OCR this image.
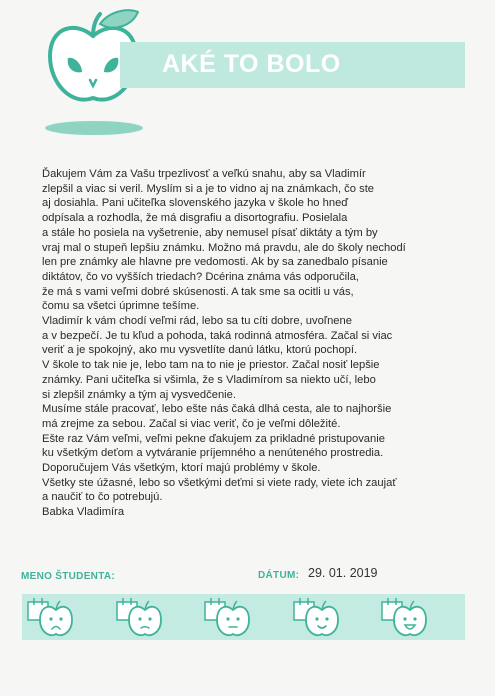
AKÉ TO BOLO
Ďakujem Vám za Vašu trpezlivosť a veľkú snahu, aby sa Vladimír
zlepšil a viac si veril. Myslím si a je to vidno aj na známkach, čo ste
aj dosiahla. Pani učiteľka slovenského jazyka v škole ho hneď
odpísala a rozhodla, že má disgrafiu a disortografiu. Posielala
a stále ho posiela na vyšetrenie, aby nemusel písať diktáty a tým by
vraj mal o stupeň lepšiu známku. Možno má pravdu, ale do školy nechodí
len pre známky ale hlavne pre vedomosti. Ak by sa zanedbalo písanie
diktátov, čo vo vyšších triedach? Dcérina známa vás odporučila,
že má s vami veľmi dobré skúsenosti. A tak sme sa ocitli u vás,
čomu sa všetci úprimne tešíme.
Vladimír k vám chodí veľmi rád, lebo sa tu cíti dobre, uvoľnene
a v bezpečí. Je tu kľud a pohoda, taká rodinná atmosféra. Začal si viac
veriť a je spokojný, ako mu vysvetlíte danú látku, ktorú pochopí.
V škole to tak nie je, lebo tam na to nie je priestor. Začal nosiť lepšie
známky. Pani učiteľka si všimla, že s Vladimírom sa niekto učí, lebo
si zlepšil známky a tým aj vysvedčenie.
Musíme stále pracovať, lebo ešte nás čaká dlhá cesta, ale to najhoršie
má zrejme za sebou. Začal si viac veriť, čo je veľmi dôležité.
Ešte raz Vám veľmi, veľmi pekne ďakujem za prikladné pristupovanie
ku všetkým deťom a vytváranie príjemného a nenúteného prostredia.
Doporučujem Vás všetkým, ktorí majú problémy v škole.
Všetky ste úžasné, lebo so všetkými deťmi si viete rady, viete ich zaujať
a naučiť to čo potrebujú.
Babka Vladimíra
MENO ŠTUDENTA:	DÁTUM: 29. 01. 2019
